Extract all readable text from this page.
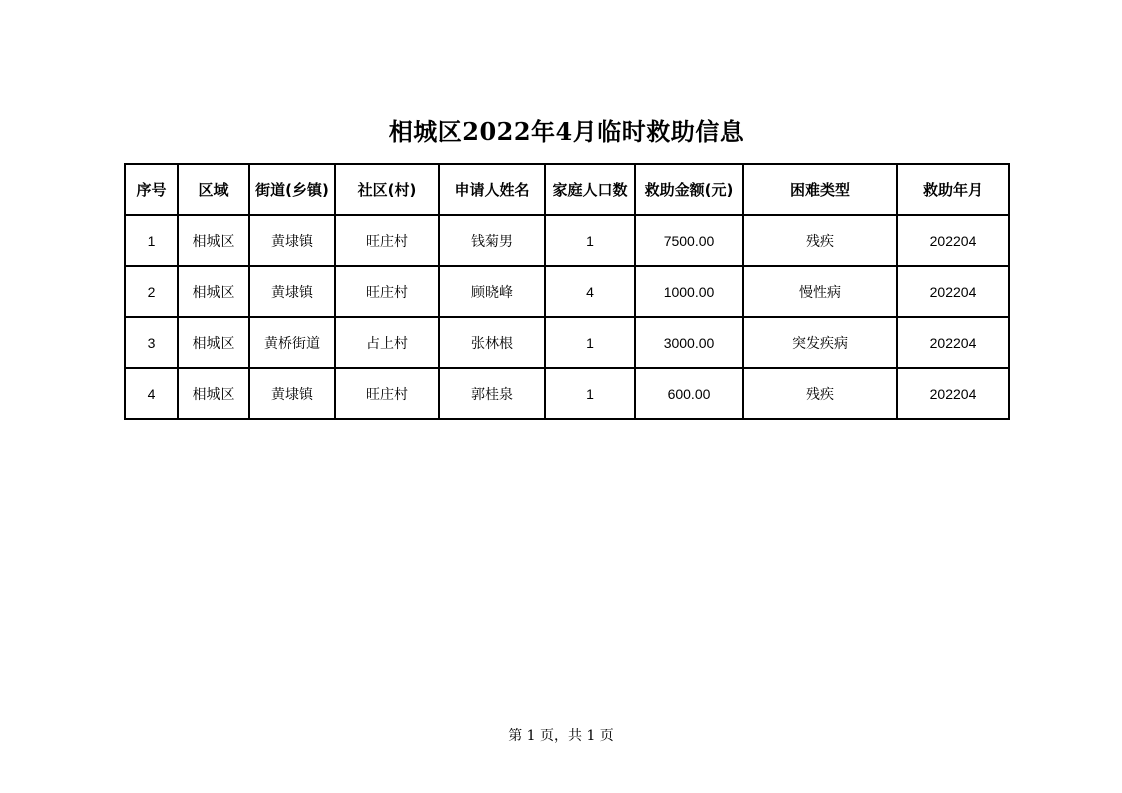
相城区2022年4月临时救助信息
序号	区域	街道(乡镇)	社区(村)	申请人姓名	家庭人口数	救助金额(元)	困难类型	救助年月
1	相城区	黄埭镇	旺庄村	钱菊男	1	7500.00	残疾	202204
2	相城区	黄埭镇	旺庄村	顾晓峰	4	1000.00	慢性病	202204
3	相城区	黄桥街道	占上村	张林根	1	3000.00	突发疾病	202204
4	相城区	黄埭镇	旺庄村	郭桂泉	1	600.00	残疾	202204
第 1 页，共 1 页
